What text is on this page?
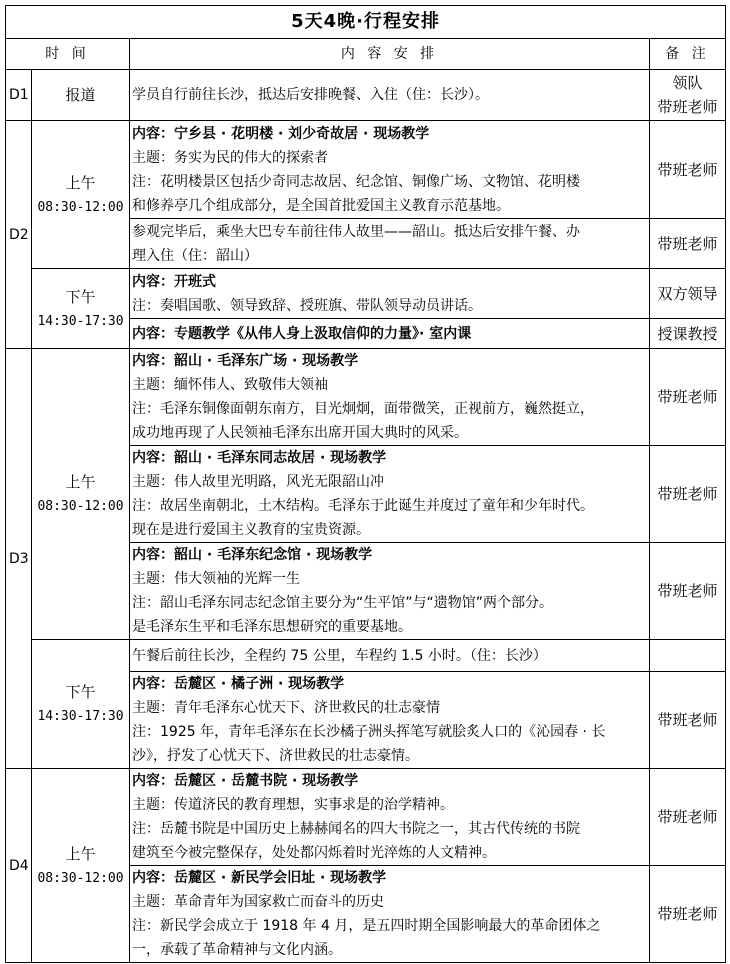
5天4晚·行程安排			
时 间		内 容 安 排	备 注
D1	报道	学员自行前往长沙，抵达后安排晚餐、入住（住：长沙）。	领队
带班老师

D2	上午
08:30-12:00	内容：宁乡县 · 花明楼 · 刘少奇故居 · 现场教学
主题：务实为民的伟大的探索者
注：花明楼景区包括少奇同志故居、纪念馆、铜像广场、文物馆、花明楼
和修养亭几个组成部分，是全国首批爱国主义教育示范基地。	带班老师

		参观完毕后，乘坐大巴专车前往伟人故里——韶山。抵达后安排午餐、办
理入住（住：韶山）	带班老师

	下午
14:30-17:30	内容：开班式
注：奏唱国歌、领导致辞、授班旗、带队领导动员讲话。	双方领导

		内容：专题教学《从伟人身上汲取信仰的力量》· 室内课	授课教授
D3	上午
08:30-12:00	内容：韶山 · 毛泽东广场 · 现场教学
主题：缅怀伟人、致敬伟大领袖
注：毛泽东铜像面朝东南方，目光炯炯，面带微笑，正视前方，巍然挺立，
成功地再现了人民领袖毛泽东出席开国大典时的风采。	带班老师

		内容：韶山 · 毛泽东同志故居 · 现场教学
主题：伟人故里光明路，风光无限韶山冲
注：故居坐南朝北，土木结构。毛泽东于此诞生并度过了童年和少年时代。
现在是进行爱国主义教育的宝贵资源。	带班老师

		内容：韶山 · 毛泽东纪念馆 · 现场教学
主题：伟大领袖的光辉一生
注：韶山毛泽东同志纪念馆主要分为“生平馆”与“遗物馆”两个部分。
是毛泽东生平和毛泽东思想研究的重要基地。	带班老师

	下午
14:30-17:30	午餐后前往长沙，全程约 75 公里，车程约 1.5 小时。（住：长沙）	

		内容：岳麓区 · 橘子洲 · 现场教学
主题：青年毛泽东心忧天下、济世救民的壮志豪情
注：1925 年，青年毛泽东在长沙橘子洲头挥笔写就脍炙人口的《沁园春 · 长
沙》，抒发了心忧天下、济世救民的壮志豪情。	带班老师
D4	上午
08:30-12:00	内容：岳麓区 · 岳麓书院 · 现场教学
主题：传道济民的教育理想，实事求是的治学精神。
注：岳麓书院是中国历史上赫赫闻名的四大书院之一，其古代传统的书院
建筑至今被完整保存，处处都闪烁着时光淬炼的人文精神。	带班老师

		内容：岳麓区 · 新民学会旧址 · 现场教学
主题：革命青年为国家救亡而奋斗的历史
注：新民学会成立于 1918 年 4 月，是五四时期全国影响最大的革命团体之
一，承载了革命精神与文化内涵。	带班老师
